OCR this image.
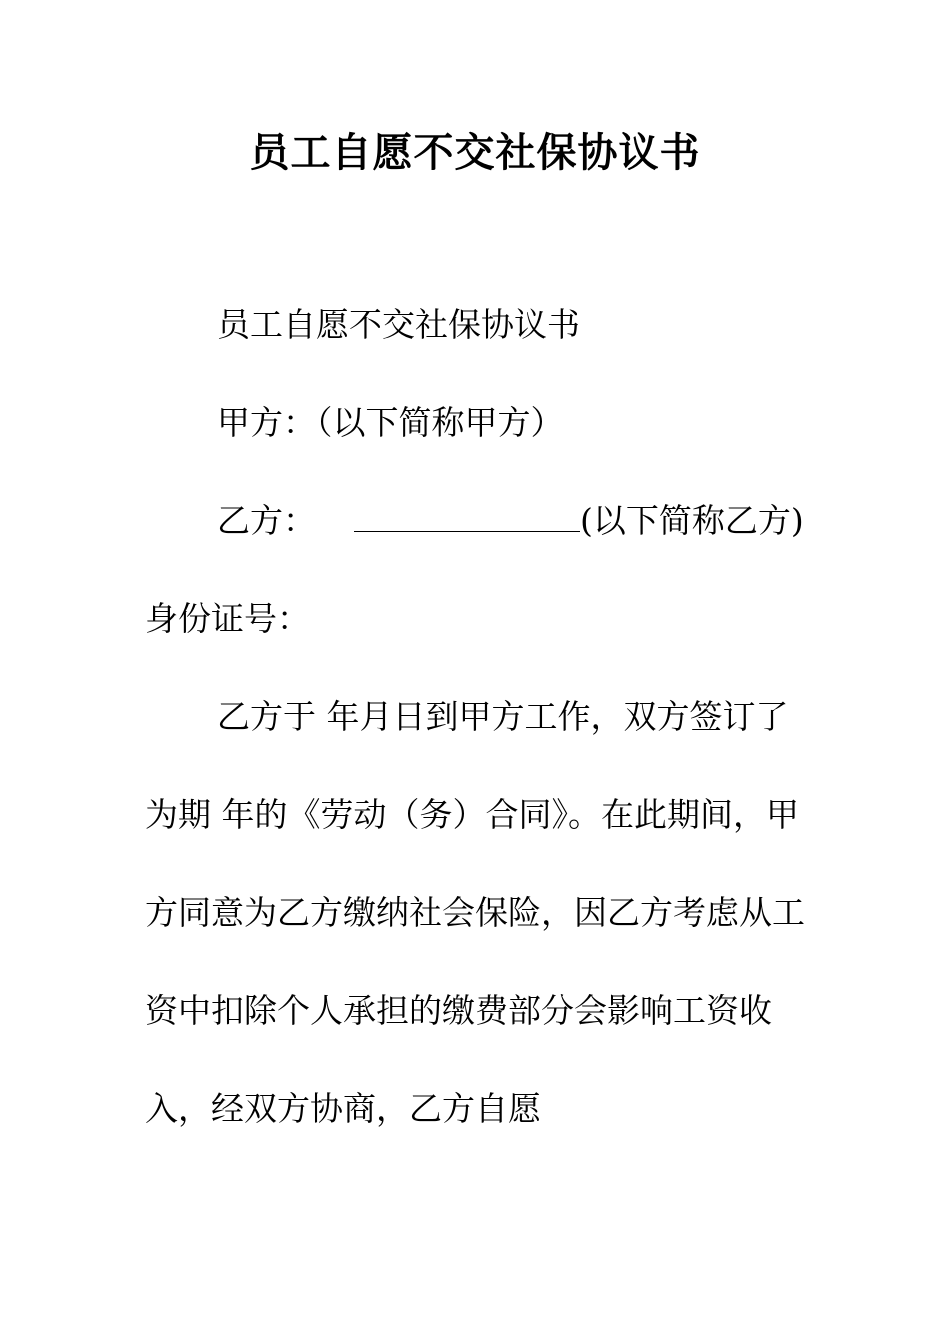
员工自愿不交社保协议书
员工自愿不交社保协议书
甲方：（以下简称甲方）
乙方：	(以下简称乙方)身份证号：
乙方于 年月日到甲方工作，双方签订了为期 年的《劳动（务）合同》。在此期间，甲方同意为乙方缴纳社会保险，因乙方考虑从工资中扣除个人承担的缴费部分会影响工资收入，经双方协商，乙方自愿
